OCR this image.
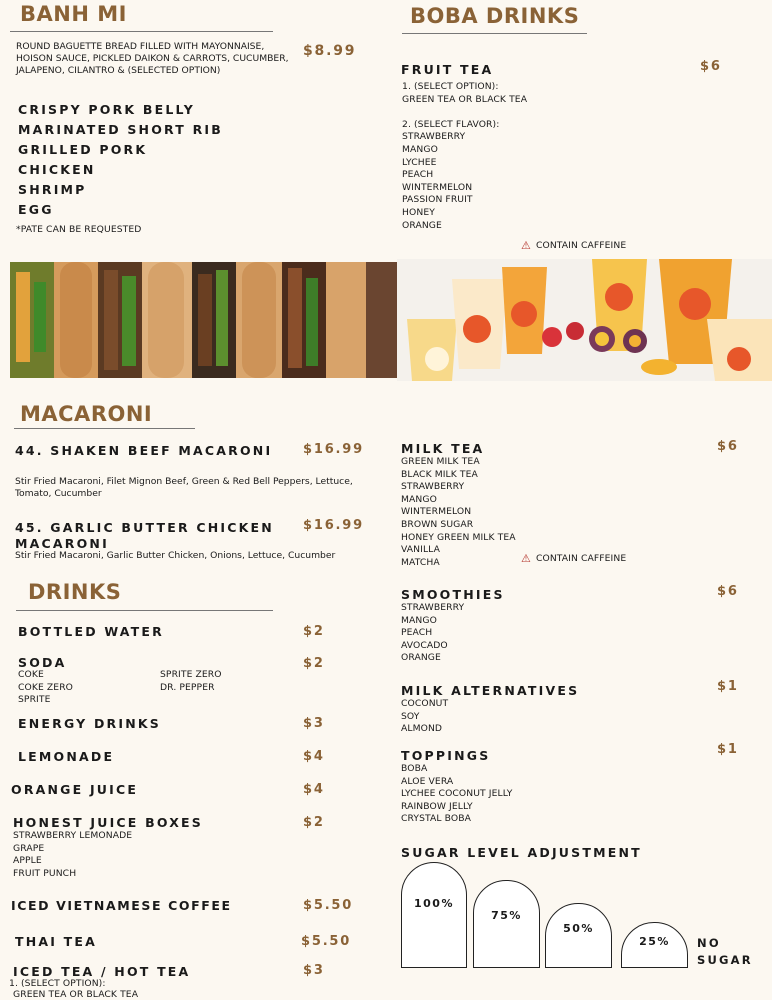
BANH MI
ROUND BAGUETTE BREAD FILLED WITH MAYONNAISE, HOISON SAUCE, PICKLED DAIKON & CARROTS, CUCUMBER, JALAPENO, CILANTRO & (SELECTED OPTION)
$8.99
CRISPY PORK BELLY
MARINATED SHORT RIB
GRILLED PORK
CHICKEN
SHRIMP
EGG
*PATE CAN BE REQUESTED
BOBA DRINKS
FRUIT TEA	$6
1. (SELECT OPTION):
GREEN TEA OR BLACK TEA

2. (SELECT FLAVOR):
STRAWBERRY
MANGO
LYCHEE
PEACH
WINTERMELON
PASSION FRUIT
HONEY
ORANGE
⚠ CONTAIN CAFFEINE
MACARONI
44. SHAKEN BEEF MACARONI $16.99
Stir Fried Macaroni, Filet Mignon Beef, Green & Red Bell Peppers, Lettuce, Tomato, Cucumber
45. GARLIC BUTTER CHICKEN
MACARONI
$16.99
Stir Fried Macaroni, Garlic Butter Chicken, Onions, Lettuce, Cucumber
DRINKS
BOTTLED WATER	$2
SODA	$2
COKE
COKE ZERO
SPRITE
SPRITE ZERO
DR. PEPPER
ENERGY DRINKS	$3
LEMONADE	$4
ORANGE JUICE	$4
HONEST JUICE BOXES	$2
STRAWBERRY LEMONADE
GRAPE
APPLE
FRUIT PUNCH
ICED VIETNAMESE COFFEE	$5.50
THAI TEA	$5.50
ICED TEA / HOT TEA	$3
1. (SELECT OPTION):
GREEN TEA OR BLACK TEA
MILK TEA	$6
GREEN MILK TEA
BLACK MILK TEA
STRAWBERRY
MANGO
WINTERMELON
BROWN SUGAR
HONEY GREEN MILK TEA
VANILLA
MATCHA	⚠ CONTAIN CAFFEINE
SMOOTHIES	$6
STRAWBERRY
MANGO
PEACH
AVOCADO
ORANGE
MILK ALTERNATIVES	$1
COCONUT
SOY
ALMOND
TOPPINGS	$1
BOBA
ALOE VERA
LYCHEE COCONUT JELLY
RAINBOW JELLY
CRYSTAL BOBA
SUGAR LEVEL ADJUSTMENT
100%
75%
50%
25%	NO
SUGAR
